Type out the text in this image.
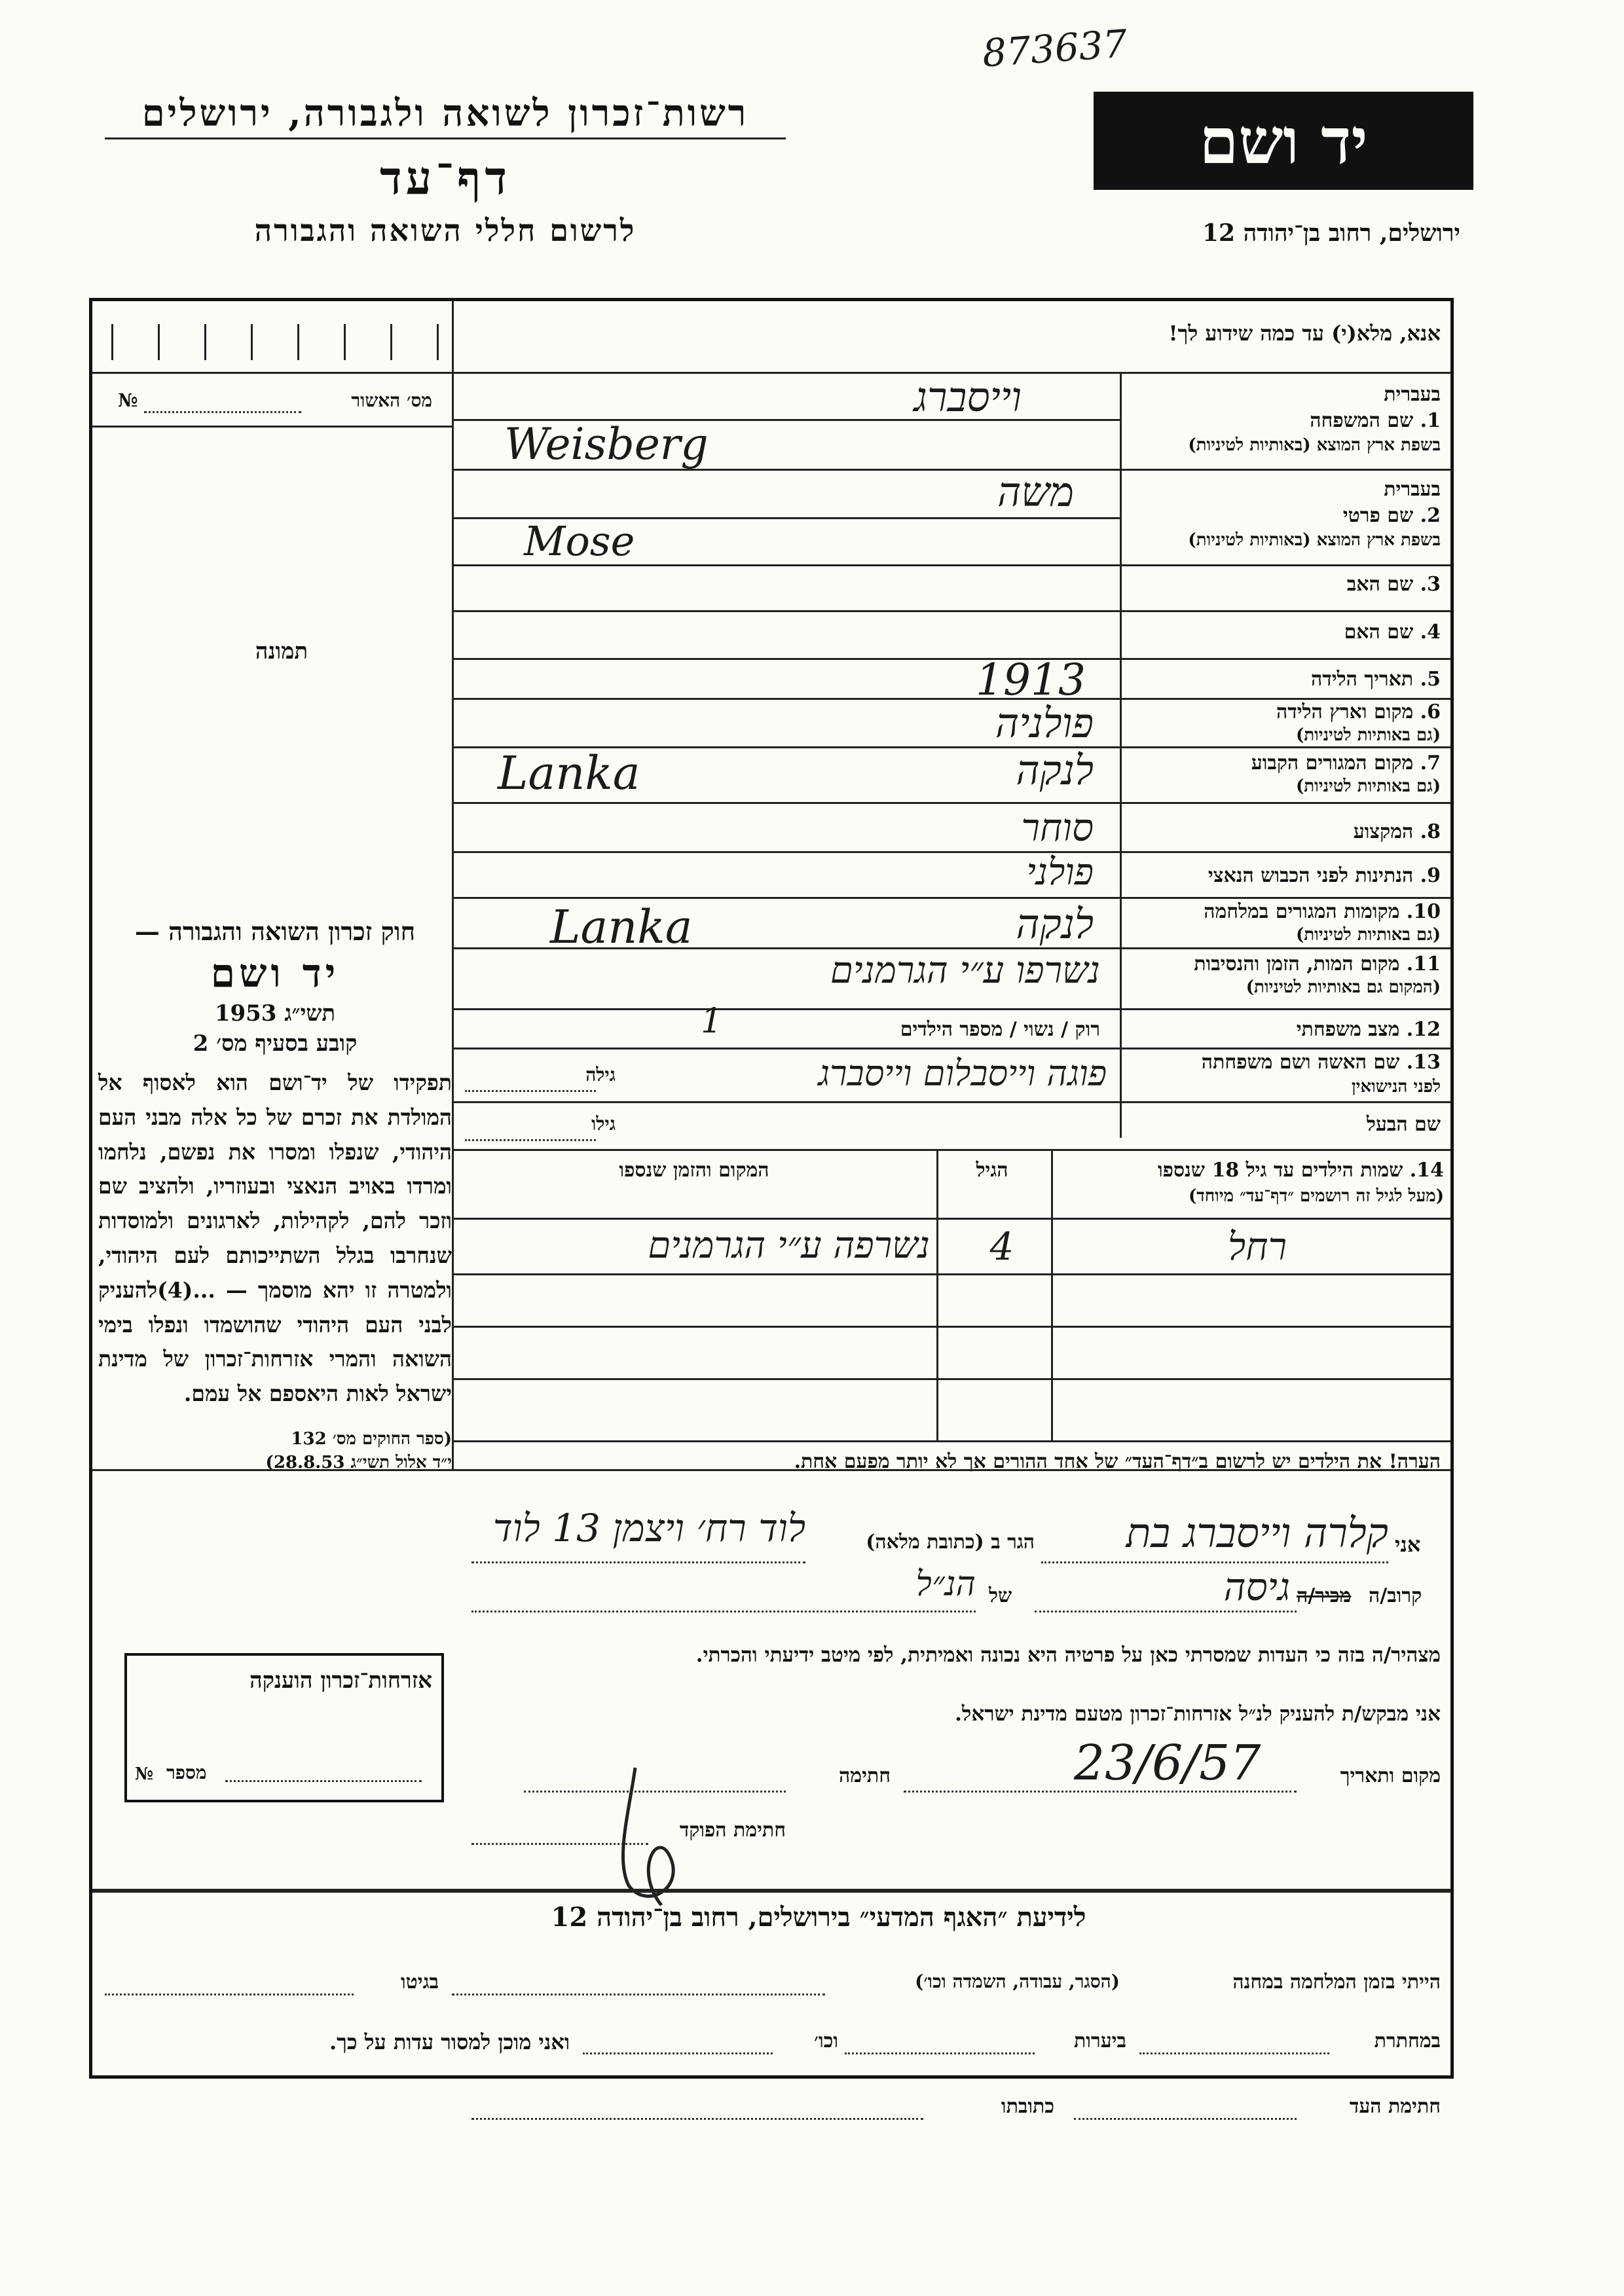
873637
רשות־זכרון לשואה ולגבורה, ירושלים
דף־עד
לרשום חללי השואה והגבורה
יד ושם
ירושלים, רחוב בן־יהודה 12
אנא, מלא(י) עד כמה שידוע לך!
מס׳ האשור
№
תמונה
בעברית
1. שם המשפחה
בשפת ארץ המוצא (באותיות לטיניות)
וייסברג
Weisberg
בעברית
2. שם פרטי
בשפת ארץ המוצא (באותיות לטיניות)
משה
Mose
3. שם האב
4. שם האם
5. תאריך הלידה
1913
6. מקום וארץ הלידה
(גם באותיות לטיניות)
פולניה
7. מקום המגורים הקבוע
(גם באותיות לטיניות)
Lanka	לנקה
8. המקצוע
סוחר
9. הנתינות לפני הכבוש הנאצי
פולני
10. מקומות המגורים במלחמה
(גם באותיות לטיניות)
Lanka	לנקה
11. מקום המות, הזמן והנסיבות
(המקום גם באותיות לטיניות)
נשרפו ע״י הגרמנים
12. מצב משפחתי
רוק / נשוי / מספר הילדים
1
13. שם האשה ושם משפחתה
לפני הנישואין
פוגה וייסבלום וייסברג
גילה
שם הבעל
גילו
14. שמות הילדים עד גיל 18 שנספו
(מעל לגיל זה רושמים ״דף־עד״ מיוחד)
הגיל
המקום והזמן שנספו
רחל
4
נשרפה ע״י הגרמנים
הערה! את הילדים יש לרשום ב״דף־העד״ של אחד ההורים אך לא יותר מפעם אחת.
חוק זכרון השואה והגבורה —
יד ושם
תשי״ג 1953
קובע בסעיף מס׳ 2
תפקידו של יד־ושם הוא לאסוף אל המולדת את זכרם של כל אלה מבני העם היהודי, שנפלו ומסרו את נפשם, נלחמו ומרדו באויב הנאצי ובעוזריו, ולהציב שם וזכר להם, לקהילות, לארגונים ולמוסדות שנחרבו בגלל השתייכותם לעם היהודי, ולמטרה זו יהא מוסמך — ...(4)להעניק לבני העם היהודי שהושמדו ונפלו בימי השואה והמרי אזרחות־זכרון של מדינת ישראל לאות היאספם אל עמם.
(ספר החוקים מס׳ 132
י״ד אלול תשי״ג 28.8.53)
אני
קלרה וייסברג בת
הגר ב (כתובת מלאה)
לוד רח׳ ויצמן 13 לוד
קרוב/ה
מכיר/ה
גיסה
של
הנ״ל
מצהיר/ה בזה כי העדות שמסרתי כאן על פרטיה היא נכונה ואמיתית, לפי מיטב ידיעתי והכרתי.
אני מבקש/ת להעניק לנ״ל אזרחות־זכרון מטעם מדינת ישראל.
מקום ותאריך
23/6/57
חתימה
חתימת הפוקד
אזרחות־זכרון הוענקה
מספר
№
לידיעת ״האגף המדעי״ בירושלים, רחוב בן־יהודה 12
הייתי בזמן המלחמה במחנה
(הסגר, עבודה, השמדה וכו׳)
בגיטו
במחתרת
ביערות
וכו׳
ואני מוכן למסור עדות על כך.
חתימת העד
כתובתו
